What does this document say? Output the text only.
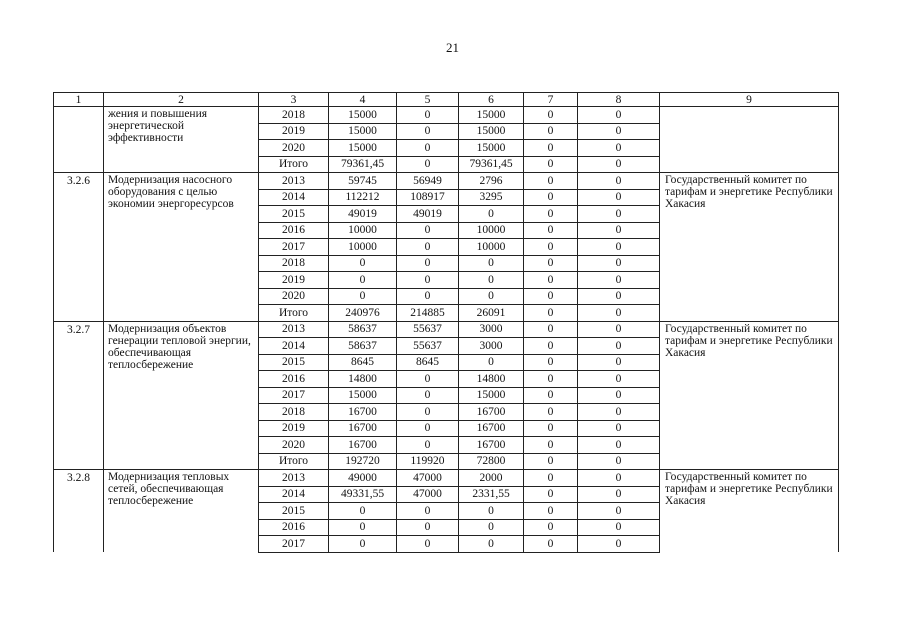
21
1	2	3	4	5	6	7	8	9
	жения и повышения энергетической эффективности	2018	15000	0	15000	0	0	
		2019	15000	0	15000	0	0	
		2020	15000	0	15000	0	0	
		Итого	79361,45	0	79361,45	0	0	
3.2.6	Модернизация насосного оборудования с целью экономии энергоресурсов	2013	59745	56949	2796	0	0	Государственный комитет по тарифам и энергетике Республики Хакасия
		2014	112212	108917	3295	0	0	
		2015	49019	49019	0	0	0	
		2016	10000	0	10000	0	0	
		2017	10000	0	10000	0	0	
		2018	0	0	0	0	0	
		2019	0	0	0	0	0	
		2020	0	0	0	0	0	
		Итого	240976	214885	26091	0	0	
3.2.7	Модернизация объектов генерации тепловой энергии, обеспечивающая теплосбережение	2013	58637	55637	3000	0	0	Государственный комитет по тарифам и энергетике Республики Хакасия
		2014	58637	55637	3000	0	0	
		2015	8645	8645	0	0	0	
		2016	14800	0	14800	0	0	
		2017	15000	0	15000	0	0	
		2018	16700	0	16700	0	0	
		2019	16700	0	16700	0	0	
		2020	16700	0	16700	0	0	
		Итого	192720	119920	72800	0	0	
3.2.8	Модернизация тепловых сетей, обеспечивающая теплосбережение	2013	49000	47000	2000	0	0	Государственный комитет по тарифам и энергетике Республики Хакасия
		2014	49331,55	47000	2331,55	0	0	
		2015	0	0	0	0	0	
		2016	0	0	0	0	0	
		2017	0	0	0	0	0	
